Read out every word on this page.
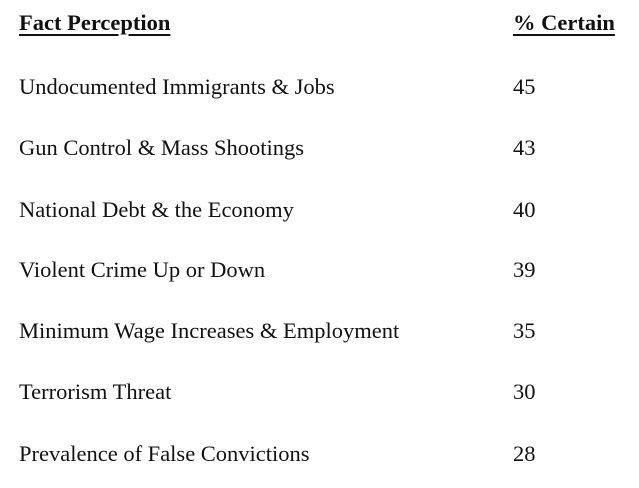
Fact Perception	% Certain
Undocumented Immigrants & Jobs	45
Gun Control & Mass Shootings	43
National Debt & the Economy	40
Violent Crime Up or Down	39
Minimum Wage Increases & Employment	35
Terrorism Threat	30
Prevalence of False Convictions	28
